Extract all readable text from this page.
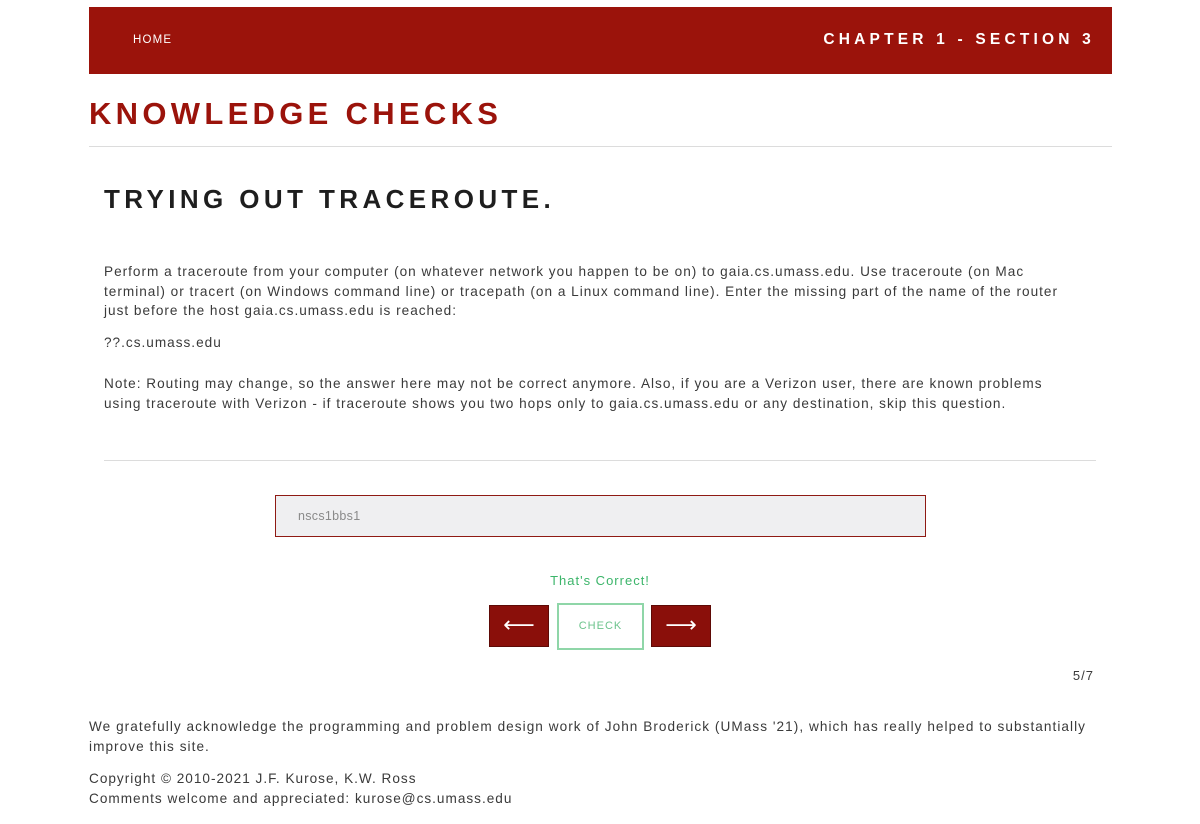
HOME	CHAPTER 1 - SECTION 3
KNOWLEDGE CHECKS
TRYING OUT TRACEROUTE.

Perform a traceroute from your computer (on whatever network you happen to be on) to gaia.cs.umass.edu. Use traceroute (on Mac terminal) or tracert (on Windows command line) or tracepath (on a Linux command line). Enter the missing part of the name of the router just before the host gaia.cs.umass.edu is reached:

??.cs.umass.edu

Note: Routing may change, so the answer here may not be correct anymore. Also, if you are a Verizon user, there are known problems using traceroute with Verizon - if traceroute shows you two hops only to gaia.cs.umass.edu or any destination, skip this question.

nscs1bbs1
That's Correct!
⟵	CHECK	⟶
5/7

We gratefully acknowledge the programming and problem design work of John Broderick (UMass '21), which has really helped to substantially improve this site.

Copyright © 2010-2021 J.F. Kurose, K.W. Ross

Comments welcome and appreciated: kurose@cs.umass.edu
